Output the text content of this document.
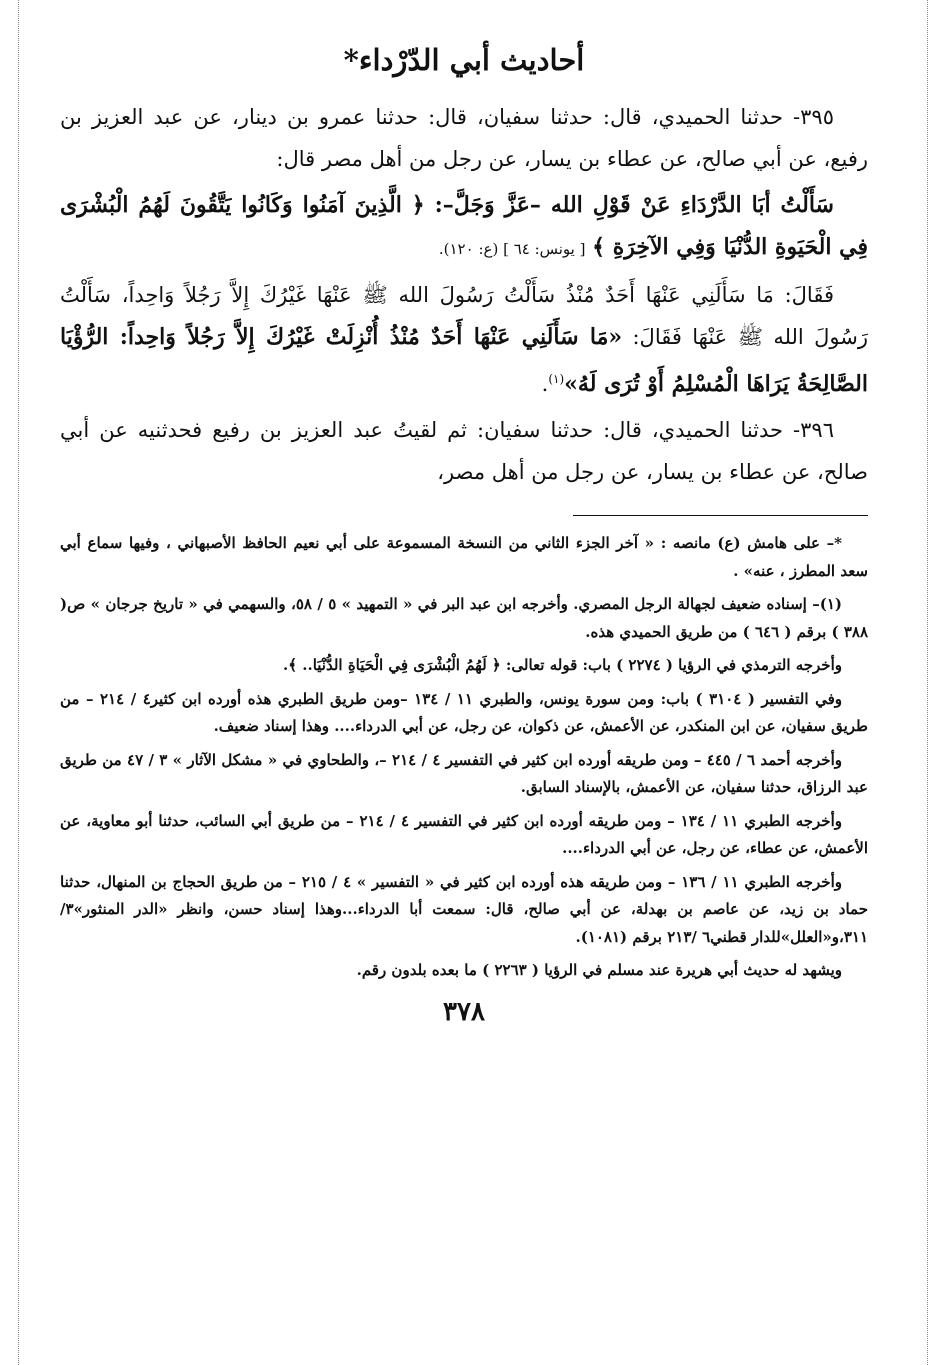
أحاديث أبي الدّرْداء*

٣٩٥- حدثنا الحميدي، قال: حدثنا سفيان، قال: حدثنا عمرو بن دينار، عن عبد العزيز بن رفيع، عن أبي صالح، عن عطاء بن يسار، عن رجل من أهل مصر قال:

سَأَلْتُ أبَا الدَّرْدَاءِ عَنْ قَوْلِ الله –عَزَّ وَجَلَّ–: ﴿ الَّذِينَ آمَنُوا وَكَانُوا يَتَّقُونَ لَهُمُ الْبُشْرَى فِي الْحَيَوةِ الدُّنْيَا وَفِي الآخِرَةِ ﴾ [ يونس: ٦٤ ] (ع: ١٢٠).

فَقَالَ: مَا سَأَلَنِي عَنْهَا أَحَدٌ مُنْذُ سَأَلْتُ رَسُولَ الله ﷺ عَنْهَا غَيْرُكَ إِلاَّ رَجُلاً وَاحِداً، سَأَلْتُ رَسُولَ الله ﷺ عَنْهَا فَقَالَ: «مَا سَأَلَنِي عَنْهَا أَحَدٌ مُنْذُ أُنْزِلَتْ غَيْرُكَ إِلاَّ رَجُلاً وَاحِداً: الرُّؤْيَا الصَّالِحَةُ يَرَاهَا الْمُسْلِمُ أَوْ تُرَى لَهُ»$^{(١)}$.

٣٩٦- حدثنا الحميدي، قال: حدثنا سفيان: ثم لقيتُ عبد العزيز بن رفيع فحدثنيه عن أبي صالح، عن عطاء بن يسار، عن رجل من أهل مصر،

*– على هامش (ع) مانصه : « آخر الجزء الثاني من النسخة المسموعة على أبي نعيم الحافظ الأصبهاني ، وفيها سماع أبي سعد المطرز ، عنه» .

(١)– إسناده ضعيف لجهالة الرجل المصري. وأخرجه ابن عبد البر في « التمهيد » ٥ / ٥٨، والسهمي في « تاريخ جرجان » ص( ٣٨٨ ) برقم ( ٦٤٦ ) من طريق الحميدي هذه.

وأخرجه الترمذي في الرؤيا ( ٢٢٧٤ ) باب: قوله تعالى: ﴿ لَهُمُ الْبُشْرَى فِي الْحَيَاةِ الدُّنْيَا.. ﴾.

وفي التفسير ( ٣١٠٤ ) باب: ومن سورة يونس، والطبري ١١ / ١٣٤ –ومن طريق الطبري هذه أورده ابن كثير٤ / ٢١٤ – من طريق سفيان، عن ابن المنكدر، عن الأعمش، عن ذكوان، عن رجل، عن أبي الدرداء.... وهذا إسناد ضعيف.

وأخرجه أحمد ٦ / ٤٤٥ – ومن طريقه أورده ابن كثير في التفسير ٤ / ٢١٤ –، والطحاوي في « مشكل الآثار » ٣ / ٤٧ من طريق عبد الرزاق، حدثنا سفيان، عن الأعمش، بالإسناد السابق.

وأخرجه الطبري ١١ / ١٣٤ – ومن طريقه أورده ابن كثير في التفسير ٤ / ٢١٤ – من طريق أبي السائب، حدثنا أبو معاوية، عن الأعمش، عن عطاء، عن رجل، عن أبي الدرداء....

وأخرجه الطبري ١١ / ١٣٦ – ومن طريقه هذه أورده ابن كثير في « التفسير » ٤ / ٢١٥ – من طريق الحجاج بن المنهال، حدثنا حماد بن زيد، عن عاصم بن بهدلة، عن أبي صالح، قال: سمعت أبا الدرداء...وهذا إسناد حسن، وانظر «الدر المنثور»٣/ ٣١١،و«العلل»للدار قطني٦ /٢١٣ برقم (١٠٨١).

ويشهد له حديث أبي هريرة عند مسلم في الرؤيا ( ٢٢٦٣ ) ما بعده بلدون رقم.

٣٧٨
